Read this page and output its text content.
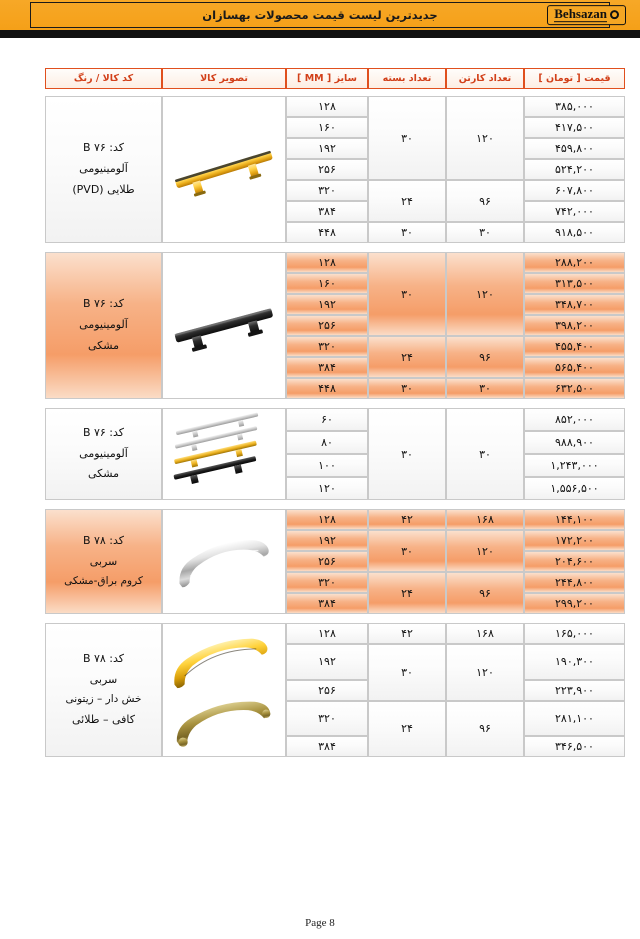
جدیدترین لیست قیمت محصولات بهسازان	Behsazan
قیمت [ تومان ]	تعداد کارتن	تعداد بسته	سایز [ MM ]	تصویر کالا	کد کالا / رنگ

۳۸۵,۰۰۰	۱۲۰	۳۰	۱۲۸		کد: B ۷۶
آلومینیومی
طلایی (PVD)

۴۱۷,۵۰۰			۱۶۰		
۴۵۹,۸۰۰			۱۹۲		
۵۲۴,۲۰۰			۲۵۶		
۶۰۷,۸۰۰	۹۶	۲۴	۳۲۰		
۷۴۲,۰۰۰			۳۸۴		
۹۱۸,۵۰۰	۳۰	۳۰	۴۴۸		

۲۸۸,۲۰۰	۱۲۰	۳۰	۱۲۸		کد: B ۷۶
آلومینیومی
مشکی

۳۱۳,۵۰۰			۱۶۰		
۳۴۸,۷۰۰			۱۹۲		
۳۹۸,۲۰۰			۲۵۶		
۴۵۵,۴۰۰	۹۶	۲۴	۳۲۰		
۵۶۵,۴۰۰			۳۸۴		
۶۳۲,۵۰۰	۳۰	۳۰	۴۴۸		

۸۵۲,۰۰۰	۳۰	۳۰	۶۰		کد: B ۷۶
آلومینیومی
مشکی

۹۸۸,۹۰۰			۸۰		
۱,۲۴۳,۰۰۰			۱۰۰		
۱,۵۵۶,۵۰۰			۱۲۰		

۱۴۴,۱۰۰	۱۶۸	۴۲	۱۲۸		کد: B ۷۸
سربی
کروم براق-مشکی

۱۷۲,۲۰۰	۱۲۰	۳۰	۱۹۲		
۲۰۴,۶۰۰			۲۵۶		
۲۴۴,۸۰۰	۹۶	۲۴	۳۲۰		
۲۹۹,۲۰۰			۳۸۴		

۱۶۵,۰۰۰	۱۶۸	۴۲	۱۲۸		کد: B ۷۸
سربی
خش دار – زیتونی
کافی – طلائی

۱۹۰,۳۰۰	۱۲۰	۳۰	۱۹۲		
۲۲۳,۹۰۰			۲۵۶		
۲۸۱,۱۰۰	۹۶	۲۴	۳۲۰		
۳۴۶,۵۰۰			۳۸۴		
Page 8
